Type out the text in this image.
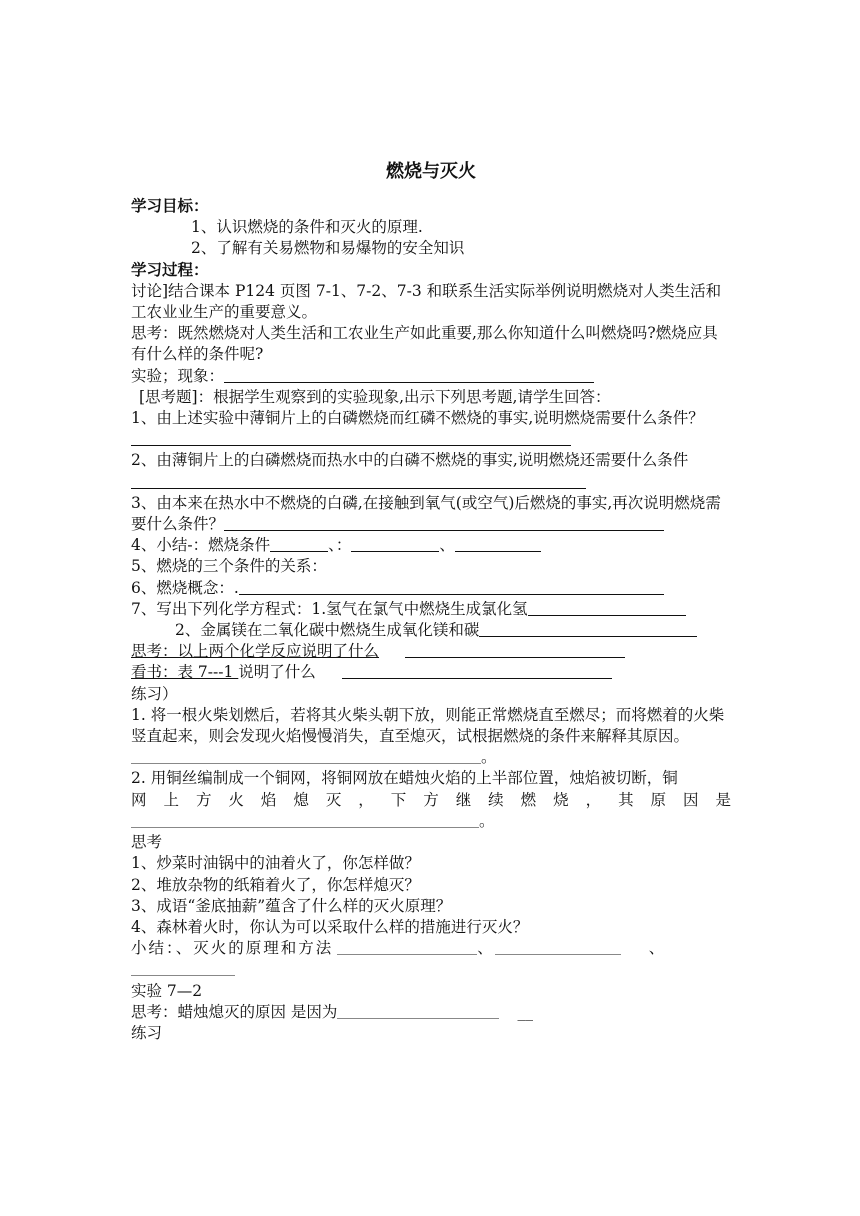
燃烧与灭火
学习目标：
1、认识燃烧的条件和灭火的原理.
2、了解有关易燃物和易爆物的安全知识
学习过程：
讨论]结合课本 P124 页图 7-1、7-2、7-3 和联系生活实际举例说明燃烧对人类生活和工农业业生产的重要意义。
思考：既然燃烧对人类生活和工农业生产如此重要,那么你知道什么叫燃烧吗?燃烧应具有什么样的条件呢?
实验；现象：
[思考题]：根据学生观察到的实验现象,出示下列思考题,请学生回答：
1、由上述实验中薄铜片上的白磷燃烧而红磷不燃烧的事实,说明燃烧需要什么条件？
2、由薄铜片上的白磷燃烧而热水中的白磷不燃烧的事实,说明燃烧还需要什么条件
3、由本来在热水中不燃烧的白磷,在接触到氧气(或空气)后燃烧的事实,再次说明燃烧需要什么条件？
4、小结-：燃烧条件	、：	、
5、燃烧的三个条件的关系：
6、燃烧概念：.
7、写出下列化学方程式：1.氢气在氯气中燃烧生成氯化氢
2、金属镁在二氧化碳中燃烧生成氧化镁和碳
思考：以上两个化学反应说明了什么
看书：表 7---1 说明了什么
练习）
1. 将一根火柴划燃后，若将其火柴头朝下放，则能正常燃烧直至燃尽；而将燃着的火柴竖直起来，则会发现火焰慢慢消失，直至熄灭，试根据燃烧的条件来解释其原因。。
2. 用铜丝编制成一个铜网，将铜网放在蜡烛火焰的上半部位置，烛焰被切断，铜
网上方火焰熄灭，下方继续燃烧，其原因是
。
思考
1、炒菜时油锅中的油着火了，你怎样做？
2、堆放杂物的纸箱着火了，你怎样熄灭？
3、成语“釜底抽薪”蕴含了什么样的灭火原理？
4、森林着火时，你认为可以采取什么样的措施进行灭火？
小结：、灭火的原理和方法	、	、
实验 7—2
思考：蜡烛熄灭的原因 是因为	__
练习
